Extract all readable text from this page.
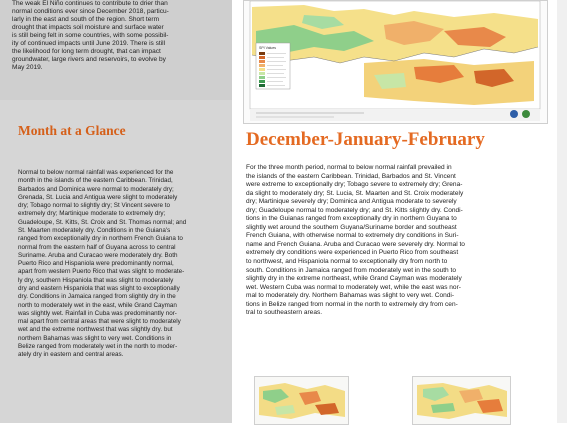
The weak El Niño continues to contribute to drier than
normal conditions ever since December 2018, particu-
larly in the east and south of the region. Short term
drought that impacts soil moisture and surface water
is still being felt in some countries, with some possibil-
ity of continued impacts until June 2019. There is still
the likelihood for long term drought, that can impact
groundwater, large rivers and reservoirs, to evolve by
May 2019.
Month at a Glance
Normal to below normal rainfall was experienced for the
month in the islands of the eastern Caribbean. Trinidad,
Barbados and Dominica were normal to moderately dry;
Grenada, St. Lucia and Antigua were slight to moderately
dry; Tobago normal to slightly dry; St Vincent severe to
extremely dry; Martinique moderate to extremely dry;
Guadeloupe, St. Kitts, St. Croix and St. Thomas normal; and
St. Maarten moderately dry. Conditions in the Guiana's
ranged from exceptionally dry in northern French Guiana to
normal from the eastern half of Guyana across to central
Suriname. Aruba and Curacao were moderately dry. Both
Puerto Rico and Hispaniola were predominantly normal,
apart from western Puerto Rico that was slight to moderate-
ly dry, southern Hispaniola that was slight to moderately
dry and eastern Hispaniola that was slight to exceptionally
dry. Conditions in Jamaica ranged from slightly dry in the
north to moderately wet in the east, while Grand Cayman
was slightly wet. Rainfall in Cuba was predominantly nor-
mal apart from central areas that were slight to moderately
wet and the extreme northwest that was slightly dry. but
northern Bahamas was slight to very wet. Conditions in
Belize ranged from moderately wet in the north to moder-
ately dry in eastern and central areas.
SPI Values
December-January-February
For the three month period, normal to below normal rainfall prevailed in
the islands of the eastern Caribbean. Trinidad, Barbados and St. Vincent
were extreme to exceptionally dry; Tobago severe to extremely dry; Grena-
da slight to moderately dry; St. Lucia, St. Maarten and St. Croix moderately
dry; Martinique severely dry; Dominica and Antigua moderate to severely
dry; Guadeloupe normal to moderately dry; and St. Kitts slightly dry. Condi-
tions in the Guianas ranged from exceptionally dry in northern Guyana to
slightly wet around the southern Guyana/Suriname border and southeast
French Guiana, with otherwise normal to extremely dry conditions in Suri-
name and French Guiana. Aruba and Curacao were severely dry. Normal to
extremely dry conditions were experienced in Puerto Rico from southeast
to northwest, and Hispaniola normal to exceptionally dry from north to
south. Conditions in Jamaica ranged from moderately wet in the south to
slightly dry in the extreme northeast, while Grand Cayman was moderately
wet. Western Cuba was normal to moderately wet, while the east was nor-
mal to moderately dry. Northern Bahamas was slight to very wet. Condi-
tions in Belize ranged from normal in the north to extremely dry from cen-
tral to southeastern areas.
